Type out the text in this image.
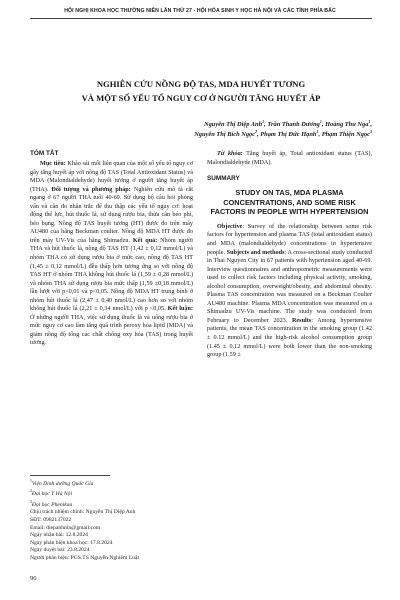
HỘI NGHỊ KHOA HỌC THƯỜNG NIÊN LẦN THỨ 27 - HỘI HÓA SINH Y HỌC HÀ NỘI VÀ CÁC TỈNH PHÍA BẮC
NGHIÊN CỨU NỒNG ĐỘ TAS, MDA HUYẾT TƯƠNG
VÀ MỘT SỐ YẾU TỐ NGUY CƠ Ở NGƯỜI TĂNG HUYẾT ÁP
Nguyễn Thị Diệp Anh$^1$, Trần Thanh Dương$^1$, Hoàng Thu Nga$^1$,
Nguyễn Thị Bích Ngọc$^2$, Phạm Thị Đức Hạnh$^1$, Phạm Thiện Ngọc$^3$
TÓM TẮT

Mục tiêu: Khảo sát mối liên quan của một số yếu tố nguy cơ gây tăng huyết áp với nồng độ TAS (Total Antioxidant Status) và MDA (Malondialdehyde) huyết tương ở người tăng huyết áp (THA). Đối tượng và phương pháp: Nghiên cứu mô tả cắt ngang ở 67 người THA tuổi 40-69. Sử dụng bộ câu hỏi phỏng vấn và cân đo nhân trắc để thu thập các yếu tố nguy cơ: hoạt động thể lực, hút thuốc lá, sử dụng rượu bia, thừa cân béo phì, béo bụng. Nồng độ TAS huyết tương (HT) được đo trên máy AU480 của hãng Beckman coulter. Nồng độ MDA HT được đo trên máy UV-Vis của hãng Shimadzu. Kết quả: Nhóm người THA và hút thuốc lá, nồng độ TAS HT (1,42 ± 0,12 mmol/L) và nhóm THA có sử dụng rượu bia ở mức cao, nồng độ TAS HT (1,45 ± 0,12 mmol/L) đều thấp hơn tương ứng so với nồng độ TAS HT ở nhóm THA không hút thuốc lá (1,59 ± 0,28 mmol/L) và nhóm THA sử dụng rượu bia mức thấp (1,59 ±0,18 mmol/L) lần lượt với p<0,01 và p<0,05. Nồng độ MDA HT trung bình ở nhóm hút thuốc lá (2,47 ± 0,40 nmol/L) cao hơn so với nhóm không hút thuốc lá (2,21 ± 0,34 nmol/L) với p <0,05. Kết luận: Ở những người THA, việc sử dụng thuốc lá và uống rượu bia ở mức nguy cơ cao làm tăng quá trình peroxy hóa lipid (MDA) và giảm nồng độ tổng các chất chống oxy hóa (TAS) trong huyết tương.

Từ khóa: Tăng huyết áp, Total antioxidant status (TAS), Malondialdehyde (MDA).

SUMMARY
STUDY ON TAS, MDA PLASMA CONCENTRATIONS, AND SOME RISK FACTORS IN PEOPLE WITH HYPERTENSION

Objective: Survey of the relationship between some risk factors for hypertension and plasma TAS (total antioxidant status) and MDA (malondialdehyde) concentrations in hypertensive people. Subjects and methods: A cross-sectional study conducted in Thai Nguyen City in 67 patients with hypertension aged 40-69. Interview questionnaires and anthropometric measurements were used to collect risk factors including physical activity, smoking, alcohol consumption, overweight/obesity, and abdominal obesity. Plasma TAS concentration was measured on a Beckman Coulter AU480 machine. Plasma MDA concentration was measured on a Shimadzu UV-Vis machine. The study was conducted from February to December 2023. Results: Among hypertensive patients, the mean TAS concentration in the smoking group (1.42 ± 0.12 mmol/L) and the high-risk alcohol consumption group (1.45 ± 0.12 mmol/L) were both lower than the non-smoking group (1.59 ±

$^1$Viện Dinh dưỡng Quốc Gia
$^2$Đại học Y Hà Nội
$^3$Đại học Phenikaa
Chịu trách nhiệm chính: Nguyễn Thị Diệp Anh
SĐT: 0982137022
Email: diepanhnin@gmail.com
Ngày nhận bài: 12.8.2024
Ngày phản biện khoa học: 17.8.2024
Ngày duyệt bài: 23.8.2024
Người phản biện: PGS.TS Nguyễn Nghiêm Luật
96
